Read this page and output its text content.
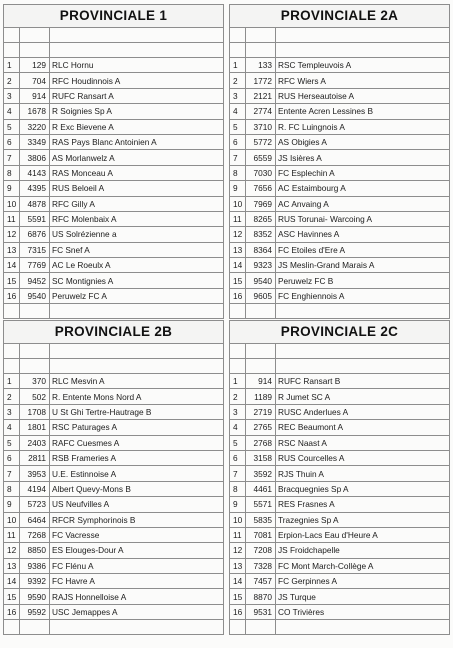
PROVINCIALE 1

1	129	RLC Hornu
2	704	RFC Houdinnois A
3	914	RUFC Ransart A
4	1678	R Soignies Sp A
5	3220	R Exc Bievene A
6	3349	RAS Pays Blanc Antoinien A
7	3806	AS Morlanwelz A
8	4143	RAS Monceau A
9	4395	RUS Beloeil A
10	4878	RFC Gilly A
11	5591	RFC Molenbaix A
12	6876	US Solrézienne a
13	7315	FC Snef A
14	7769	AC Le Roeulx A
15	9452	SC Montignies A
16	9540	Peruwelz FC A

PROVINCIALE 2A

1	133	RSC Templeuvois A
2	1772	RFC Wiers A
3	2121	RUS Herseautoise A
4	2774	Entente Acren Lessines B
5	3710	R. FC Luingnois A
6	5772	AS Obigies A
7	6559	JS Isières A
8	7030	FC Esplechin A
9	7656	AC Estaimbourg A
10	7969	AC Anvaing A
11	8265	RUS Torunai- Warcoing A
12	8352	ASC Havinnes A
13	8364	FC Etoiles d'Ere A
14	9323	JS Meslin-Grand Marais A
15	9540	Peruwelz FC B
16	9605	FC Enghiennois A

PROVINCIALE 2B

1	370	RLC Mesvin A
2	502	R. Entente Mons Nord A
3	1708	U St Ghi Tertre-Hautrage B
4	1801	RSC Paturages A
5	2403	RAFC Cuesmes A
6	2811	RSB Frameries A
7	3953	U.E. Estinnoise A
8	4194	Albert Quevy-Mons B
9	5723	US Neufvilles A
10	6464	RFCR Symphorinois B
11	7268	FC Vacresse
12	8850	ES Elouges-Dour A
13	9386	FC Flénu A
14	9392	FC Havre A
15	9590	RAJS Honnelloise A
16	9592	USC Jemappes A

PROVINCIALE 2C

1	914	RUFC Ransart B
2	1189	R Jumet SC A
3	2719	RUSC Anderlues A
4	2765	REC Beaumont A
5	2768	RSC Naast A
6	3158	RUS Courcelles A
7	3592	RJS Thuin A
8	4461	Bracquegnies Sp A
9	5571	RES Frasnes A
10	5835	Trazegnies Sp A
11	7081	Erpion-Lacs Eau d'Heure A
12	7208	JS Froidchapelle
13	7328	FC Mont March-Collège A
14	7457	FC Gerpinnes A
15	8870	JS Turque
16	9531	CO Trivières
